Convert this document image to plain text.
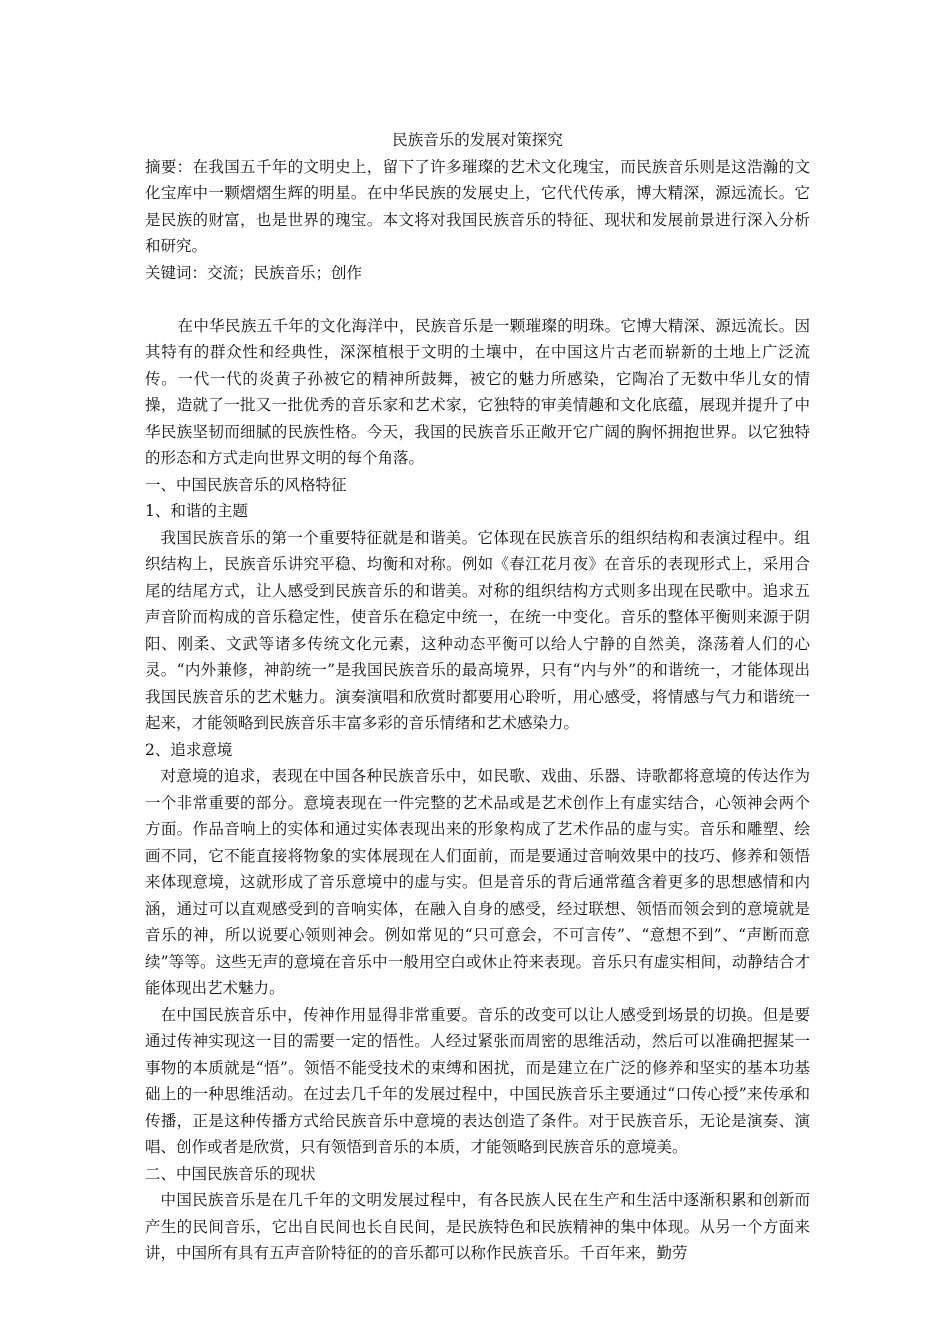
民族音乐的发展对策探究

摘要：在我国五千年的文明史上，留下了许多璀璨的艺术文化瑰宝，而民族音乐则是这浩瀚的文化宝库中一颗熠熠生辉的明星。在中华民族的发展史上，它代代传承，博大精深，源远流长。它是民族的财富，也是世界的瑰宝。本文将对我国民族音乐的特征、现状和发展前景进行深入分析和研究。

关键词：交流；民族音乐；创作

在中华民族五千年的文化海洋中，民族音乐是一颗璀璨的明珠。它博大精深、源远流长。因其特有的群众性和经典性，深深植根于文明的土壤中，在中国这片古老而崭新的土地上广泛流传。一代一代的炎黄子孙被它的精神所鼓舞，被它的魅力所感染，它陶冶了无数中华儿女的情操，造就了一批又一批优秀的音乐家和艺术家，它独特的审美情趣和文化底蕴，展现并提升了中华民族坚韧而细腻的民族性格。今天，我国的民族音乐正敞开它广阔的胸怀拥抱世界。以它独特的形态和方式走向世界文明的每个角落。

一、中国民族音乐的风格特征

1、和谐的主题

我国民族音乐的第一个重要特征就是和谐美。它体现在民族音乐的组织结构和表演过程中。组织结构上，民族音乐讲究平稳、均衡和对称。例如《春江花月夜》在音乐的表现形式上，采用合尾的结尾方式，让人感受到民族音乐的和谐美。对称的组织结构方式则多出现在民歌中。追求五声音阶而构成的音乐稳定性，使音乐在稳定中统一，在统一中变化。音乐的整体平衡则来源于阴阳、刚柔、文武等诸多传统文化元素，这种动态平衡可以给人宁静的自然美，涤荡着人们的心灵。“内外兼修，神韵统一”是我国民族音乐的最高境界，只有“内与外”的和谐统一，才能体现出我国民族音乐的艺术魅力。演奏演唱和欣赏时都要用心聆听，用心感受，将情感与气力和谐统一起来，才能领略到民族音乐丰富多彩的音乐情绪和艺术感染力。

2、追求意境

对意境的追求，表现在中国各种民族音乐中，如民歌、戏曲、乐器、诗歌都将意境的传达作为一个非常重要的部分。意境表现在一件完整的艺术品或是艺术创作上有虚实结合，心领神会两个方面。作品音响上的实体和通过实体表现出来的形象构成了艺术作品的虚与实。音乐和雕塑、绘画不同，它不能直接将物象的实体展现在人们面前，而是要通过音响效果中的技巧、修养和领悟来体现意境，这就形成了音乐意境中的虚与实。但是音乐的背后通常蕴含着更多的思想感情和内涵，通过可以直观感受到的音响实体，在融入自身的感受，经过联想、领悟而领会到的意境就是音乐的神，所以说要心领则神会。例如常见的“只可意会，不可言传”、“意想不到”、“声断而意续”等等。这些无声的意境在音乐中一般用空白或休止符来表现。音乐只有虚实相间，动静结合才能体现出艺术魅力。

在中国民族音乐中，传神作用显得非常重要。音乐的改变可以让人感受到场景的切换。但是要通过传神实现这一目的需要一定的悟性。人经过紧张而周密的思维活动，然后可以准确把握某一事物的本质就是“悟”。领悟不能受技术的束缚和困扰，而是建立在广泛的修养和坚实的基本功基础上的一种思维活动。在过去几千年的发展过程中，中国民族音乐主要通过“口传心授”来传承和传播，正是这种传播方式给民族音乐中意境的表达创造了条件。对于民族音乐，无论是演奏、演唱、创作或者是欣赏，只有领悟到音乐的本质，才能领略到民族音乐的意境美。

二、中国民族音乐的现状

中国民族音乐是在几千年的文明发展过程中，有各民族人民在生产和生活中逐渐积累和创新而产生的民间音乐，它出自民间也长自民间，是民族特色和民族精神的集中体现。从另一个方面来讲，中国所有具有五声音阶特征的的音乐都可以称作民族音乐。千百年来，勤劳
